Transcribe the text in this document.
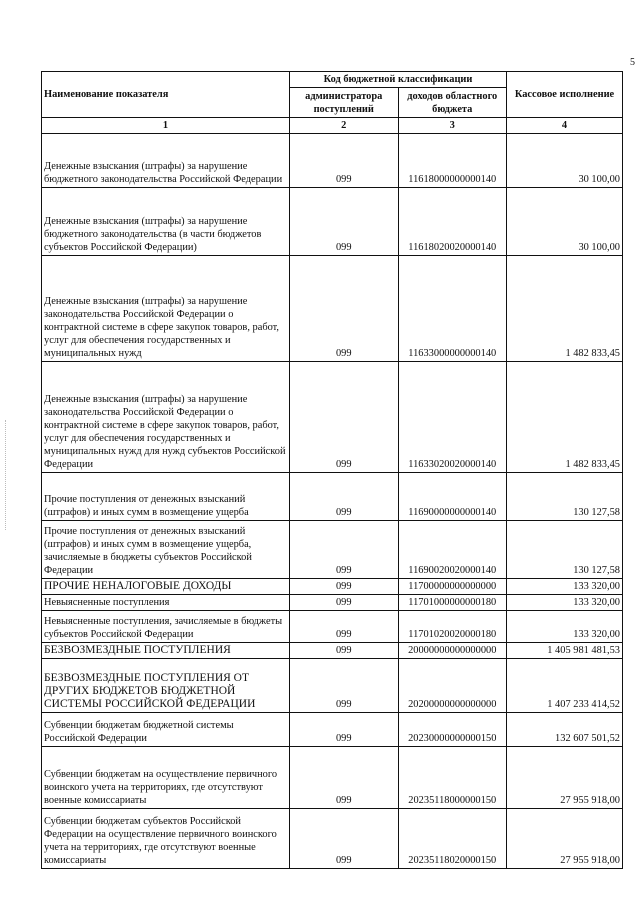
5
Наименование показателя	Код бюджетной классификации		Кассовое исполнение
	администратора поступлений	доходов областного бюджета	
1	2	3	4
Денежные взыскания (штрафы) за нарушение бюджетного законодательства Российской Федерации	099	11618000000000140	30 100,00
Денежные взыскания (штрафы) за нарушение бюджетного законодательства (в части бюджетов субъектов Российской Федерации)	099	11618020020000140	30 100,00
Денежные взыскания (штрафы) за нарушение законодательства Российской Федерации о контрактной системе в сфере закупок товаров, работ, услуг для обеспечения государственных и муниципальных нужд	099	11633000000000140	1 482 833,45
Денежные взыскания (штрафы) за нарушение законодательства Российской Федерации о контрактной системе в сфере закупок товаров, работ, услуг для обеспечения государственных и муниципальных нужд для нужд субъектов Российской Федерации	099	11633020020000140	1 482 833,45
Прочие поступления от денежных взысканий (штрафов) и иных сумм в возмещение ущерба	099	11690000000000140	130 127,58
Прочие поступления от денежных взысканий (штрафов) и иных сумм в возмещение ущерба, зачисляемые в бюджеты субъектов Российской Федерации	099	11690020020000140	130 127,58
ПРОЧИЕ НЕНАЛОГОВЫЕ ДОХОДЫ	099	11700000000000000	133 320,00
Невыясненные поступления	099	11701000000000180	133 320,00
Невыясненные поступления, зачисляемые в бюджеты субъектов Российской Федерации	099	11701020020000180	133 320,00
БЕЗВОЗМЕЗДНЫЕ ПОСТУПЛЕНИЯ	099	20000000000000000	1 405 981 481,53
БЕЗВОЗМЕЗДНЫЕ ПОСТУПЛЕНИЯ ОТ ДРУГИХ БЮДЖЕТОВ БЮДЖЕТНОЙ СИСТЕМЫ РОССИЙСКОЙ ФЕДЕРАЦИИ	099	20200000000000000	1 407 233 414,52
Субвенции бюджетам бюджетной системы Российской Федерации	099	20230000000000150	132 607 501,52
Субвенции бюджетам на осуществление первичного воинского учета на территориях, где отсутствуют военные комиссариаты	099	20235118000000150	27 955 918,00
Субвенции бюджетам субъектов Российской Федерации на осуществление первичного воинского учета на территориях, где отсутствуют военные комиссариаты	099	20235118020000150	27 955 918,00
